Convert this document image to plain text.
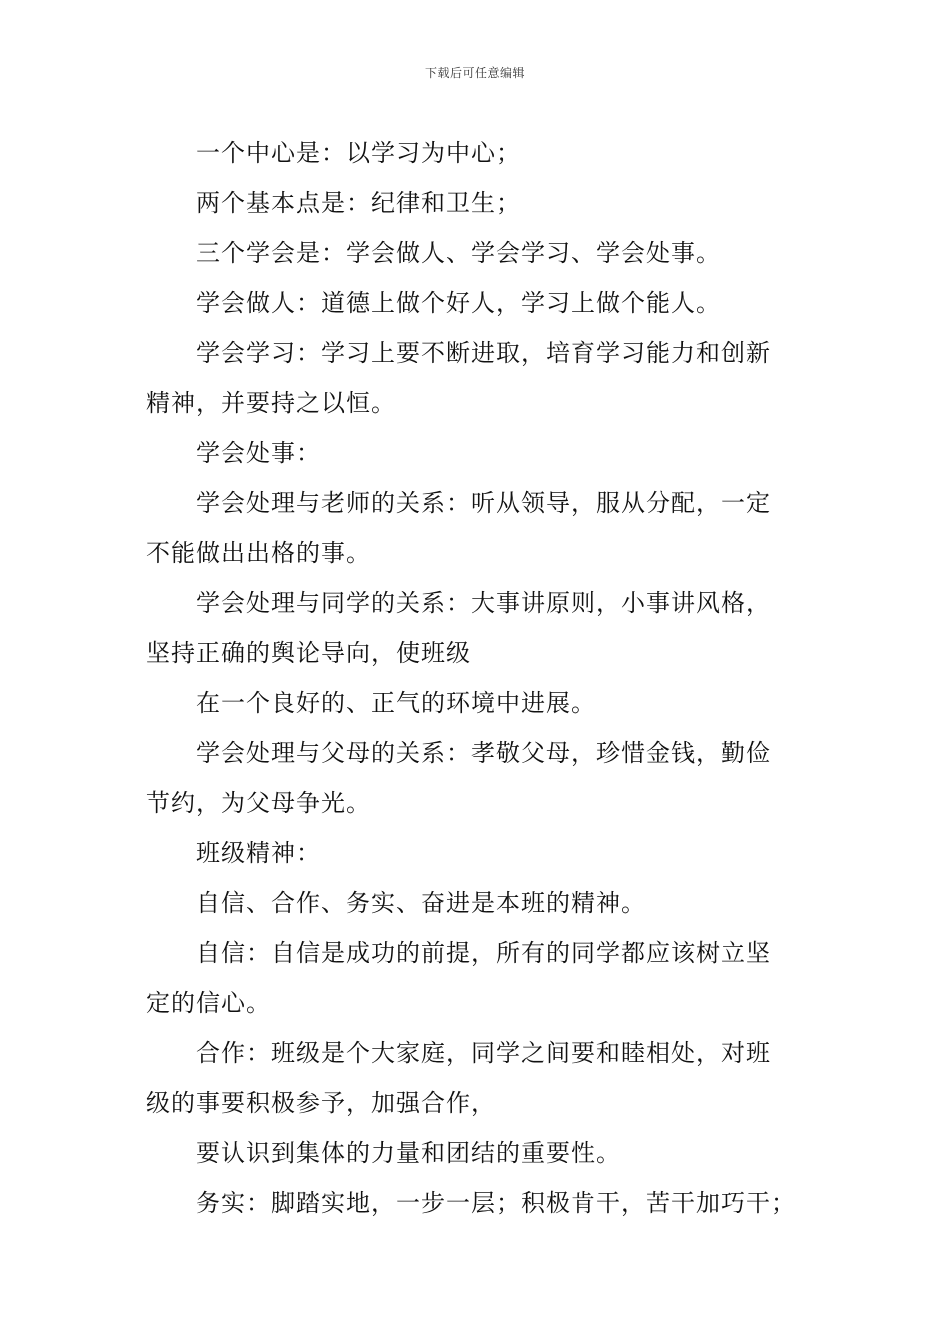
下载后可任意编辑
一个中心是：以学习为中心；
两个基本点是：纪律和卫生；
三个学会是：学会做人、学会学习、学会处事。
学会做人：道德上做个好人，学习上做个能人。
学会学习：学习上要不断进取，培育学习能力和创新
精神，并要持之以恒。
学会处事：
学会处理与老师的关系：听从领导，服从分配，一定
不能做出出格的事。
学会处理与同学的关系：大事讲原则，小事讲风格，
坚持正确的舆论导向，使班级
在一个良好的、正气的环境中进展。
学会处理与父母的关系：孝敬父母，珍惜金钱，勤俭
节约，为父母争光。
班级精神：
自信、合作、务实、奋进是本班的精神。
自信：自信是成功的前提，所有的同学都应该树立坚
定的信心。
合作：班级是个大家庭，同学之间要和睦相处，对班
级的事要积极参予，加强合作，
要认识到集体的力量和团结的重要性。
务实：脚踏实地，一步一层；积极肯干，苦干加巧干；
